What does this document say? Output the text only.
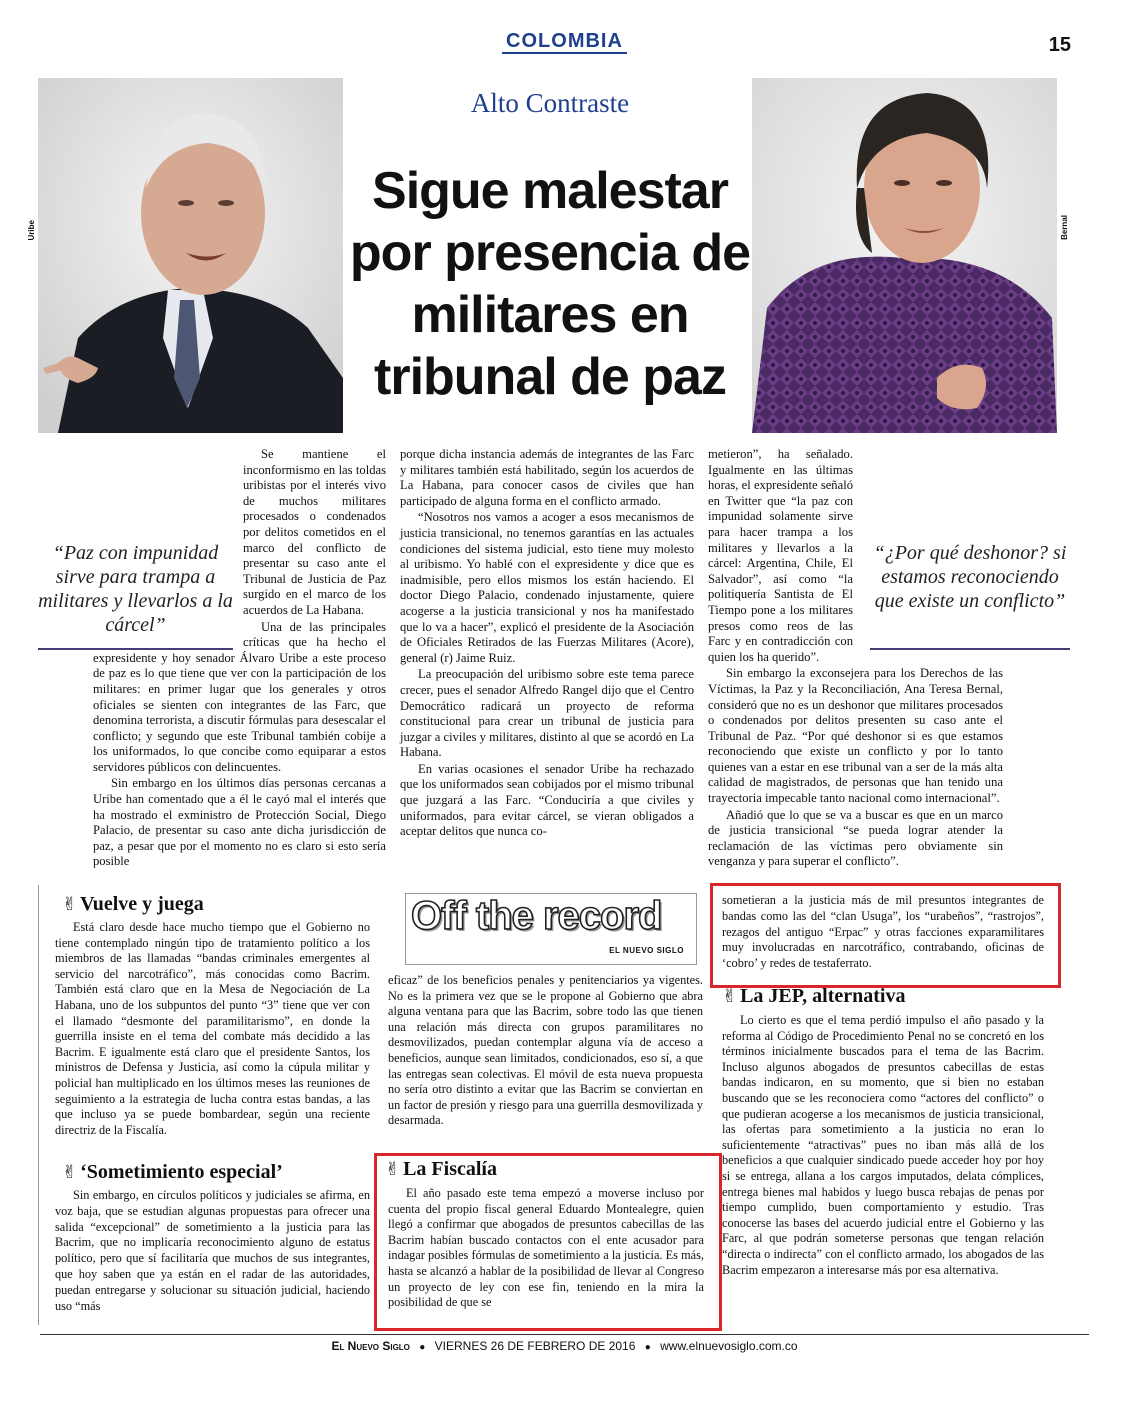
COLOMBIA	15
Alto Contraste
Uribe	Bernal
Sigue malestar por presencia de militares en tribunal de paz
“Paz con impunidad sirve para trampa a militares y llevarlos a la cárcel”
“¿Por qué deshonor? si estamos reconociendo que existe un conflicto”

Se mantiene el inconformismo en las toldas uribistas por el interés vivo de muchos militares procesados o condenados por delitos cometidos en el marco del conflicto de presentar su caso ante el Tribunal de Justicia de Paz surgido en el marco de los acuerdos de La Habana.

Una de las principales críticas que ha hecho el expresidente y hoy senador Álvaro Uribe a este proceso de paz es lo que tiene que ver con la participación de los militares: en primer lugar que los generales y otros oficiales se sienten con integrantes de las Farc, que denomina terrorista, a discutir fórmulas para desescalar el conflicto; y segundo que este Tribunal también cobije a los uniformados, lo que concibe como equiparar a estos servidores públicos con delincuentes.

Sin embargo en los últimos días personas cercanas a Uribe han comentado que a él le cayó mal el interés que ha mostrado el exministro de Protección Social, Diego Palacio, de presentar su caso ante dicha jurisdicción de paz, a pesar que por el momento no es claro si esto sería posible

porque dicha instancia además de integrantes de las Farc y militares también está habilitado, según los acuerdos de La Habana, para conocer casos de civiles que han participado de alguna forma en el conflicto armado.

“Nosotros nos vamos a acoger a esos mecanismos de justicia transicional, no tenemos garantías en las actuales condiciones del sistema judicial, esto tiene muy molesto al uribismo. Yo hablé con el expresidente y dice que es inadmisible, pero ellos mismos los están haciendo. El doctor Diego Palacio, condenado injustamente, quiere acogerse a la justicia transicional y nos ha manifestado que lo va a hacer”, explicó el presidente de la Asociación de Oficiales Retirados de las Fuerzas Militares (Acore), general (r) Jaime Ruiz.

La preocupación del uribismo sobre este tema parece crecer, pues el senador Alfredo Rangel dijo que el Centro Democrático radicará un proyecto de reforma constitucional para crear un tribunal de justicia para juzgar a civiles y militares, distinto al que se acordó en La Habana.

En varias ocasiones el senador Uribe ha rechazado que los uniformados sean cobijados por el mismo tribunal que juzgará a las Farc. “Conduciría a que civiles y uniformados, para evitar cárcel, se vieran obligados a aceptar delitos que nunca co-

metieron”, ha señalado. Igualmente en las últimas horas, el expresidente señaló en Twitter que “la paz con impunidad solamente sirve para hacer trampa a los militares y llevarlos a la cárcel: Argentina, Chile, El Salvador”, así como “la politiquería Santista de El Tiempo pone a los militares presos como reos de las Farc y en contradicción con quien los ha querido”.

Sin embargo la exconsejera para los Derechos de las Víctimas, la Paz y la Reconciliación, Ana Teresa Bernal, consideró que no es un deshonor que militares procesados o condenados por delitos presenten su caso ante el Tribunal de Paz. “Por qué deshonor si es que estamos reconociendo que existe un conflicto y por lo tanto quienes van a estar en ese tribunal van a ser de la más alta calidad de magistrados, de personas que han tenido una trayectoria impecable tanto nacional como internacional”.

Añadió que lo que se va a buscar es que en un marco de justicia transicional “se pueda lograr atender la reclamación de las víctimas pero obviamente sin venganza y para superar el conflicto”.

✌ Vuelve y juega

Está claro desde hace mucho tiempo que el Gobierno no tiene contemplado ningún tipo de tratamiento político a los miembros de las llamadas “bandas criminales emergentes al servicio del narcotráfico”, más conocidas como Bacrim. También está claro que en la Mesa de Negociación de La Habana, uno de los subpuntos del punto “3” tiene que ver con el llamado “desmonte del paramilitarismo”, en donde la guerrilla insiste en el tema del combate más decidido a las Bacrim. E igualmente está claro que el presidente Santos, los ministros de Defensa y Justicia, así como la cúpula militar y policial han multiplicado en los últimos meses las reuniones de seguimiento a la estrategia de lucha contra estas bandas, a las que incluso ya se puede bombardear, según una reciente directriz de la Fiscalía.

✌ ‘Sometimiento especial’

Sin embargo, en círculos políticos y judiciales se afirma, en voz baja, que se estudian algunas propuestas para ofrecer una salida “excepcional” de sometimiento a la justicia para las Bacrim, que no implicaría reconocimiento alguno de estatus político, pero que sí facilitaría que muchos de sus integrantes, que hoy saben que ya están en el radar de las autoridades, puedan entregarse y solucionar su situación judicial, haciendo uso “más

Off the record
EL NUEVO SIGLO

eficaz” de los beneficios penales y penitenciarios ya vigentes. No es la primera vez que se le propone al Gobierno que abra alguna ventana para que las Bacrim, sobre todo las que tienen una relación más directa con grupos paramilitares no desmovilizados, puedan contemplar alguna vía de acceso a beneficios, aunque sean limitados, condicionados, eso sí, a que las entregas sean colectivas. El móvil de esta nueva propuesta no sería otro distinto a evitar que las Bacrim se conviertan en un factor de presión y riesgo para una guerrilla desmovilizada y desarmada.

✌ La Fiscalía

El año pasado este tema empezó a moverse incluso por cuenta del propio fiscal general Eduardo Montealegre, quien llegó a confirmar que abogados de presuntos cabecillas de las Bacrim habían buscado contactos con el ente acusador para indagar posibles fórmulas de sometimiento a la justicia. Es más, hasta se alcanzó a hablar de la posibilidad de llevar al Congreso un proyecto de ley con ese fin, teniendo en la mira la posibilidad de que se

sometieran a la justicia más de mil presuntos integrantes de bandas como las del “clan Usuga”, los “urabeños”, “rastrojos”, rezagos del antiguo “Erpac” y otras facciones exparamilitares muy involucradas en narcotráfico, contrabando, oficinas de ‘cobro’ y redes de testaferrato.

✌ La JEP, alternativa

Lo cierto es que el tema perdió impulso el año pasado y la reforma al Código de Procedimiento Penal no se concretó en los términos inicialmente buscados para el tema de las Bacrim. Incluso algunos abogados de presuntos cabecillas de estas bandas indicaron, en su momento, que si bien no estaban buscando que se les reconociera como “actores del conflicto” o que pudieran acogerse a los mecanismos de justicia transicional, las ofertas para sometimiento a la justicia no eran lo suficientemente “atractivas” pues no iban más allá de los beneficios a que cualquier sindicado puede acceder hoy por hoy si se entrega, allana a los cargos imputados, delata cómplices, entrega bienes mal habidos y luego busca rebajas de penas por tiempo cumplido, buen comportamiento y estudio. Tras conocerse las bases del acuerdo judicial entre el Gobierno y las Farc, al que podrán someterse personas que tengan relación “directa o indirecta” con el conflicto armado, los abogados de las Bacrim empezaron a interesarse más por esa alternativa.

El Nuevo Siglo ● VIERNES 26 DE FEBRERO DE 2016 ● www.elnuevosiglo.com.co
